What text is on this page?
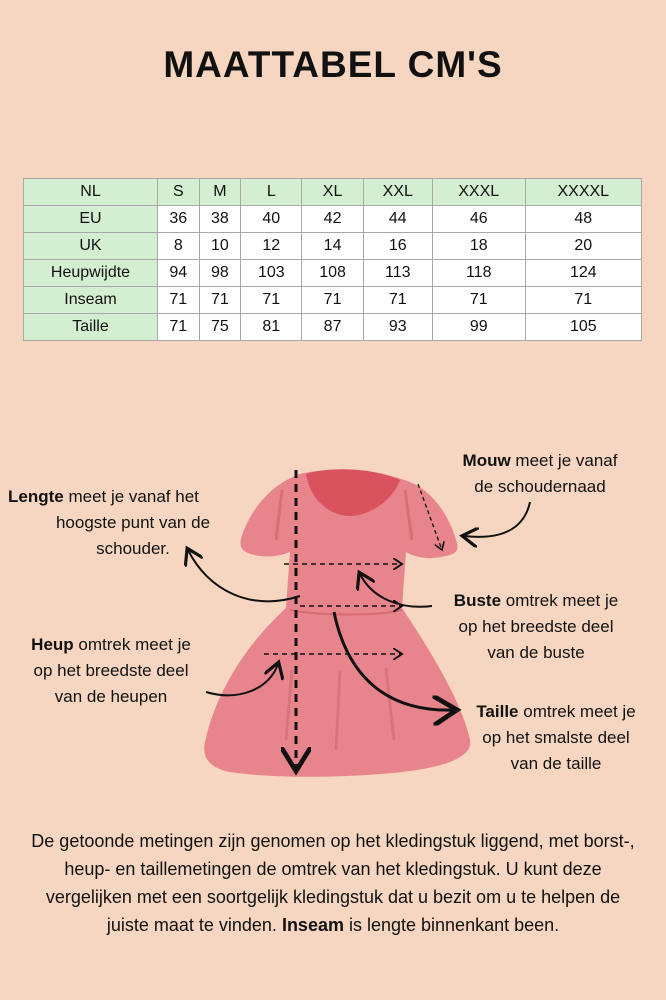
MAATTABEL CM'S
NL	S	M	L	XL	XXL	XXXL	XXXXL
EU	36	38	40	42	44	46	48
UK	8	10	12	14	16	18	20
Heupwijdte	94	98	103	108	113	118	124
Inseam	71	71	71	71	71	71	71
Taille	71	75	81	87	93	99	105
Lengte meet je vanaf het
hoogste punt van de
schouder.
Mouw meet je vanaf
de schoudernaad
Buste omtrek meet je
op het breedste deel
van de buste
Heup omtrek meet je
op het breedste deel
van de heupen
Taille omtrek meet je
op het smalste deel
van de taille
De getoonde metingen zijn genomen op het kledingstuk liggend, met borst-, heup- en taillemetingen de omtrek van het kledingstuk. U kunt deze vergelijken met een soortgelijk kledingstuk dat u bezit om u te helpen de juiste maat te vinden. Inseam is lengte binnenkant been.
